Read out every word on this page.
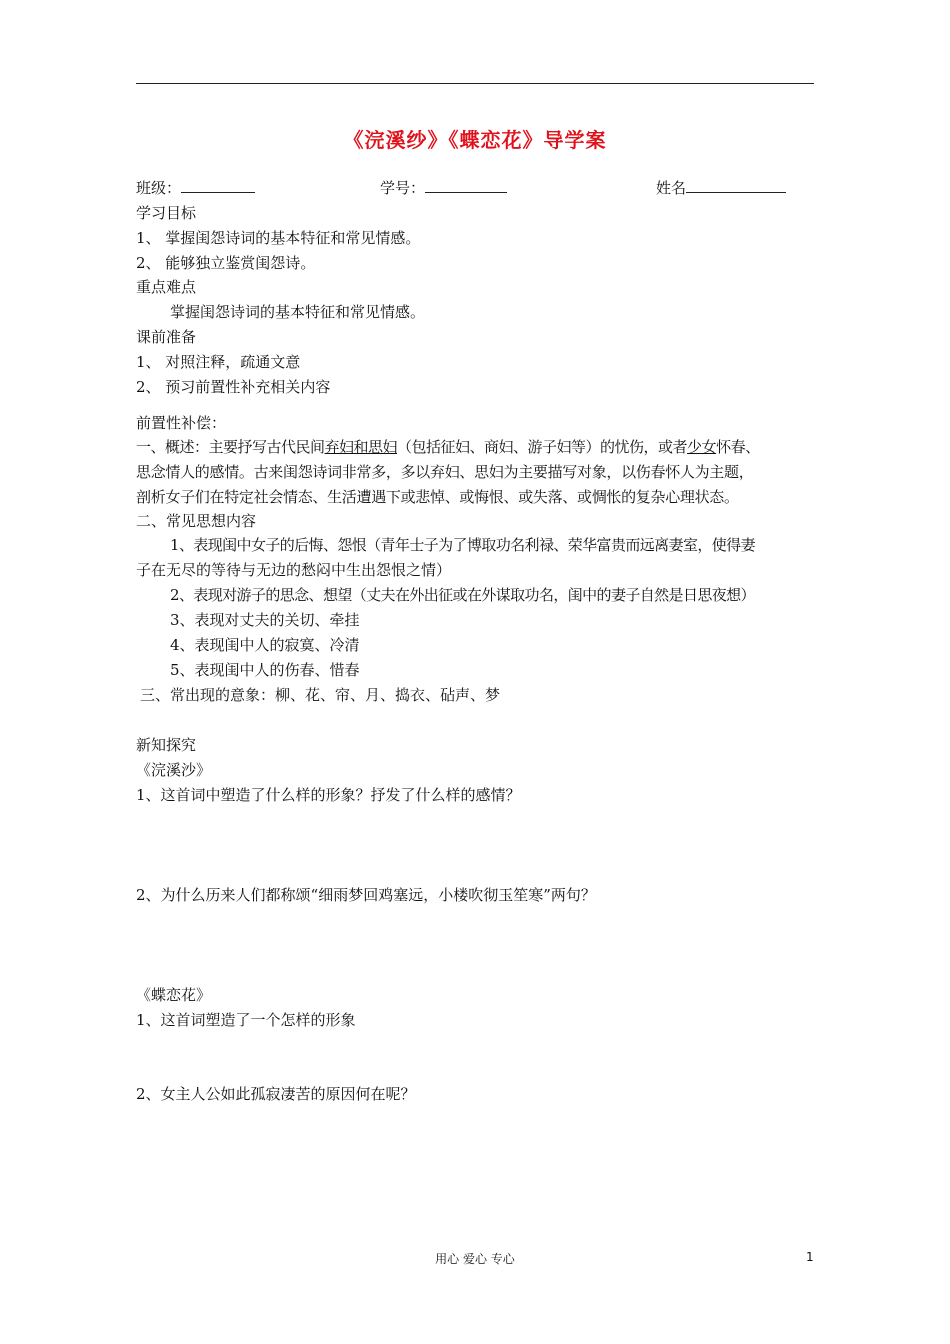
《浣溪纱》《蝶恋花》导学案
班级：	学号：	姓名
学习目标
1、 掌握闺怨诗词的基本特征和常见情感。
2、 能够独立鉴赏闺怨诗。
重点难点
掌握闺怨诗词的基本特征和常见情感。
课前准备
1、 对照注释，疏通文意
2、 预习前置性补充相关内容
前置性补偿：
一、概述：主要抒写古代民间弃妇和思妇（包括征妇、商妇、游子妇等）的忧伤，或者少女怀春、
思念情人的感情。古来闺怨诗词非常多，多以弃妇、思妇为主要描写对象，以伤春怀人为主题，
剖析女子们在特定社会情态、生活遭遇下或悲悼、或悔恨、或失落、或惆怅的复杂心理状态。
二、常见思想内容
1、表现闺中女子的后悔、怨恨（青年士子为了博取功名利禄、荣华富贵而远离妻室，使得妻
子在无尽的等待与无边的愁闷中生出怨恨之情）
2、表现对游子的思念、想望（丈夫在外出征或在外谋取功名，闺中的妻子自然是日思夜想）
3、表现对丈夫的关切、牵挂
4、表现闺中人的寂寞、冷清
5、表现闺中人的伤春、惜春
三、常出现的意象：柳、花、帘、月、捣衣、砧声、梦
新知探究
《浣溪沙》
1、这首词中塑造了什么样的形象？抒发了什么样的感情？
2、为什么历来人们都称颂“细雨梦回鸡塞远，小楼吹彻玉笙寒”两句？
《蝶恋花》
1、这首词塑造了一个怎样的形象
2、女主人公如此孤寂凄苦的原因何在呢？
用心 爱心 专心	1
